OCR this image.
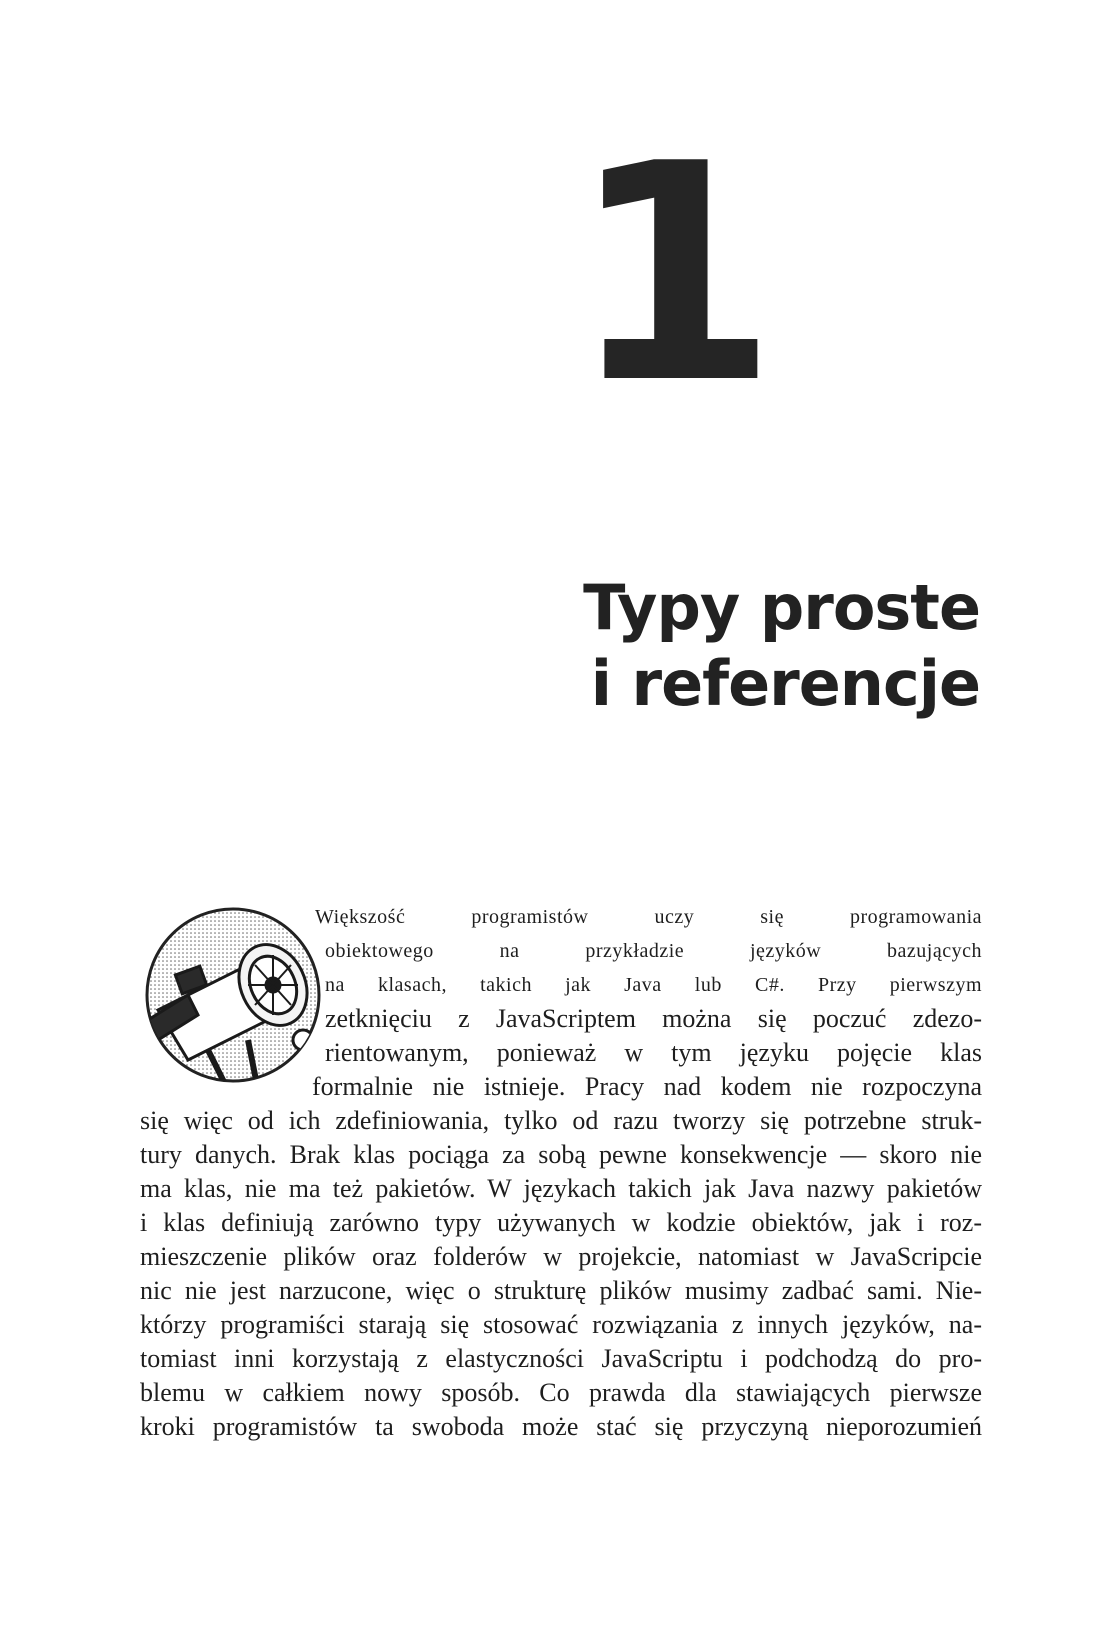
1
Typy proste
i referencje
Większość programistów uczy się programowania
obiektowego na przykładzie języków bazujących
na klasach, takich jak Java lub C#. Przy pierwszym
zetknięciu z JavaScriptem można się poczuć zdezo-
rientowanym, ponieważ w tym języku pojęcie klas
formalnie nie istnieje. Pracy nad kodem nie rozpoczyna
się więc od ich zdefiniowania, tylko od razu tworzy się potrzebne struk-
tury danych. Brak klas pociąga za sobą pewne konsekwencje — skoro nie
ma klas, nie ma też pakietów. W językach takich jak Java nazwy pakietów
i klas definiują zarówno typy używanych w kodzie obiektów, jak i roz-
mieszczenie plików oraz folderów w projekcie, natomiast w JavaScripcie
nic nie jest narzucone, więc o strukturę plików musimy zadbać sami. Nie-
którzy programiści starają się stosować rozwiązania z innych języków, na-
tomiast inni korzystają z elastyczności JavaScriptu i podchodzą do pro-
blemu w całkiem nowy sposób. Co prawda dla stawiających pierwsze
kroki programistów ta swoboda może stać się przyczyną nieporozumień
